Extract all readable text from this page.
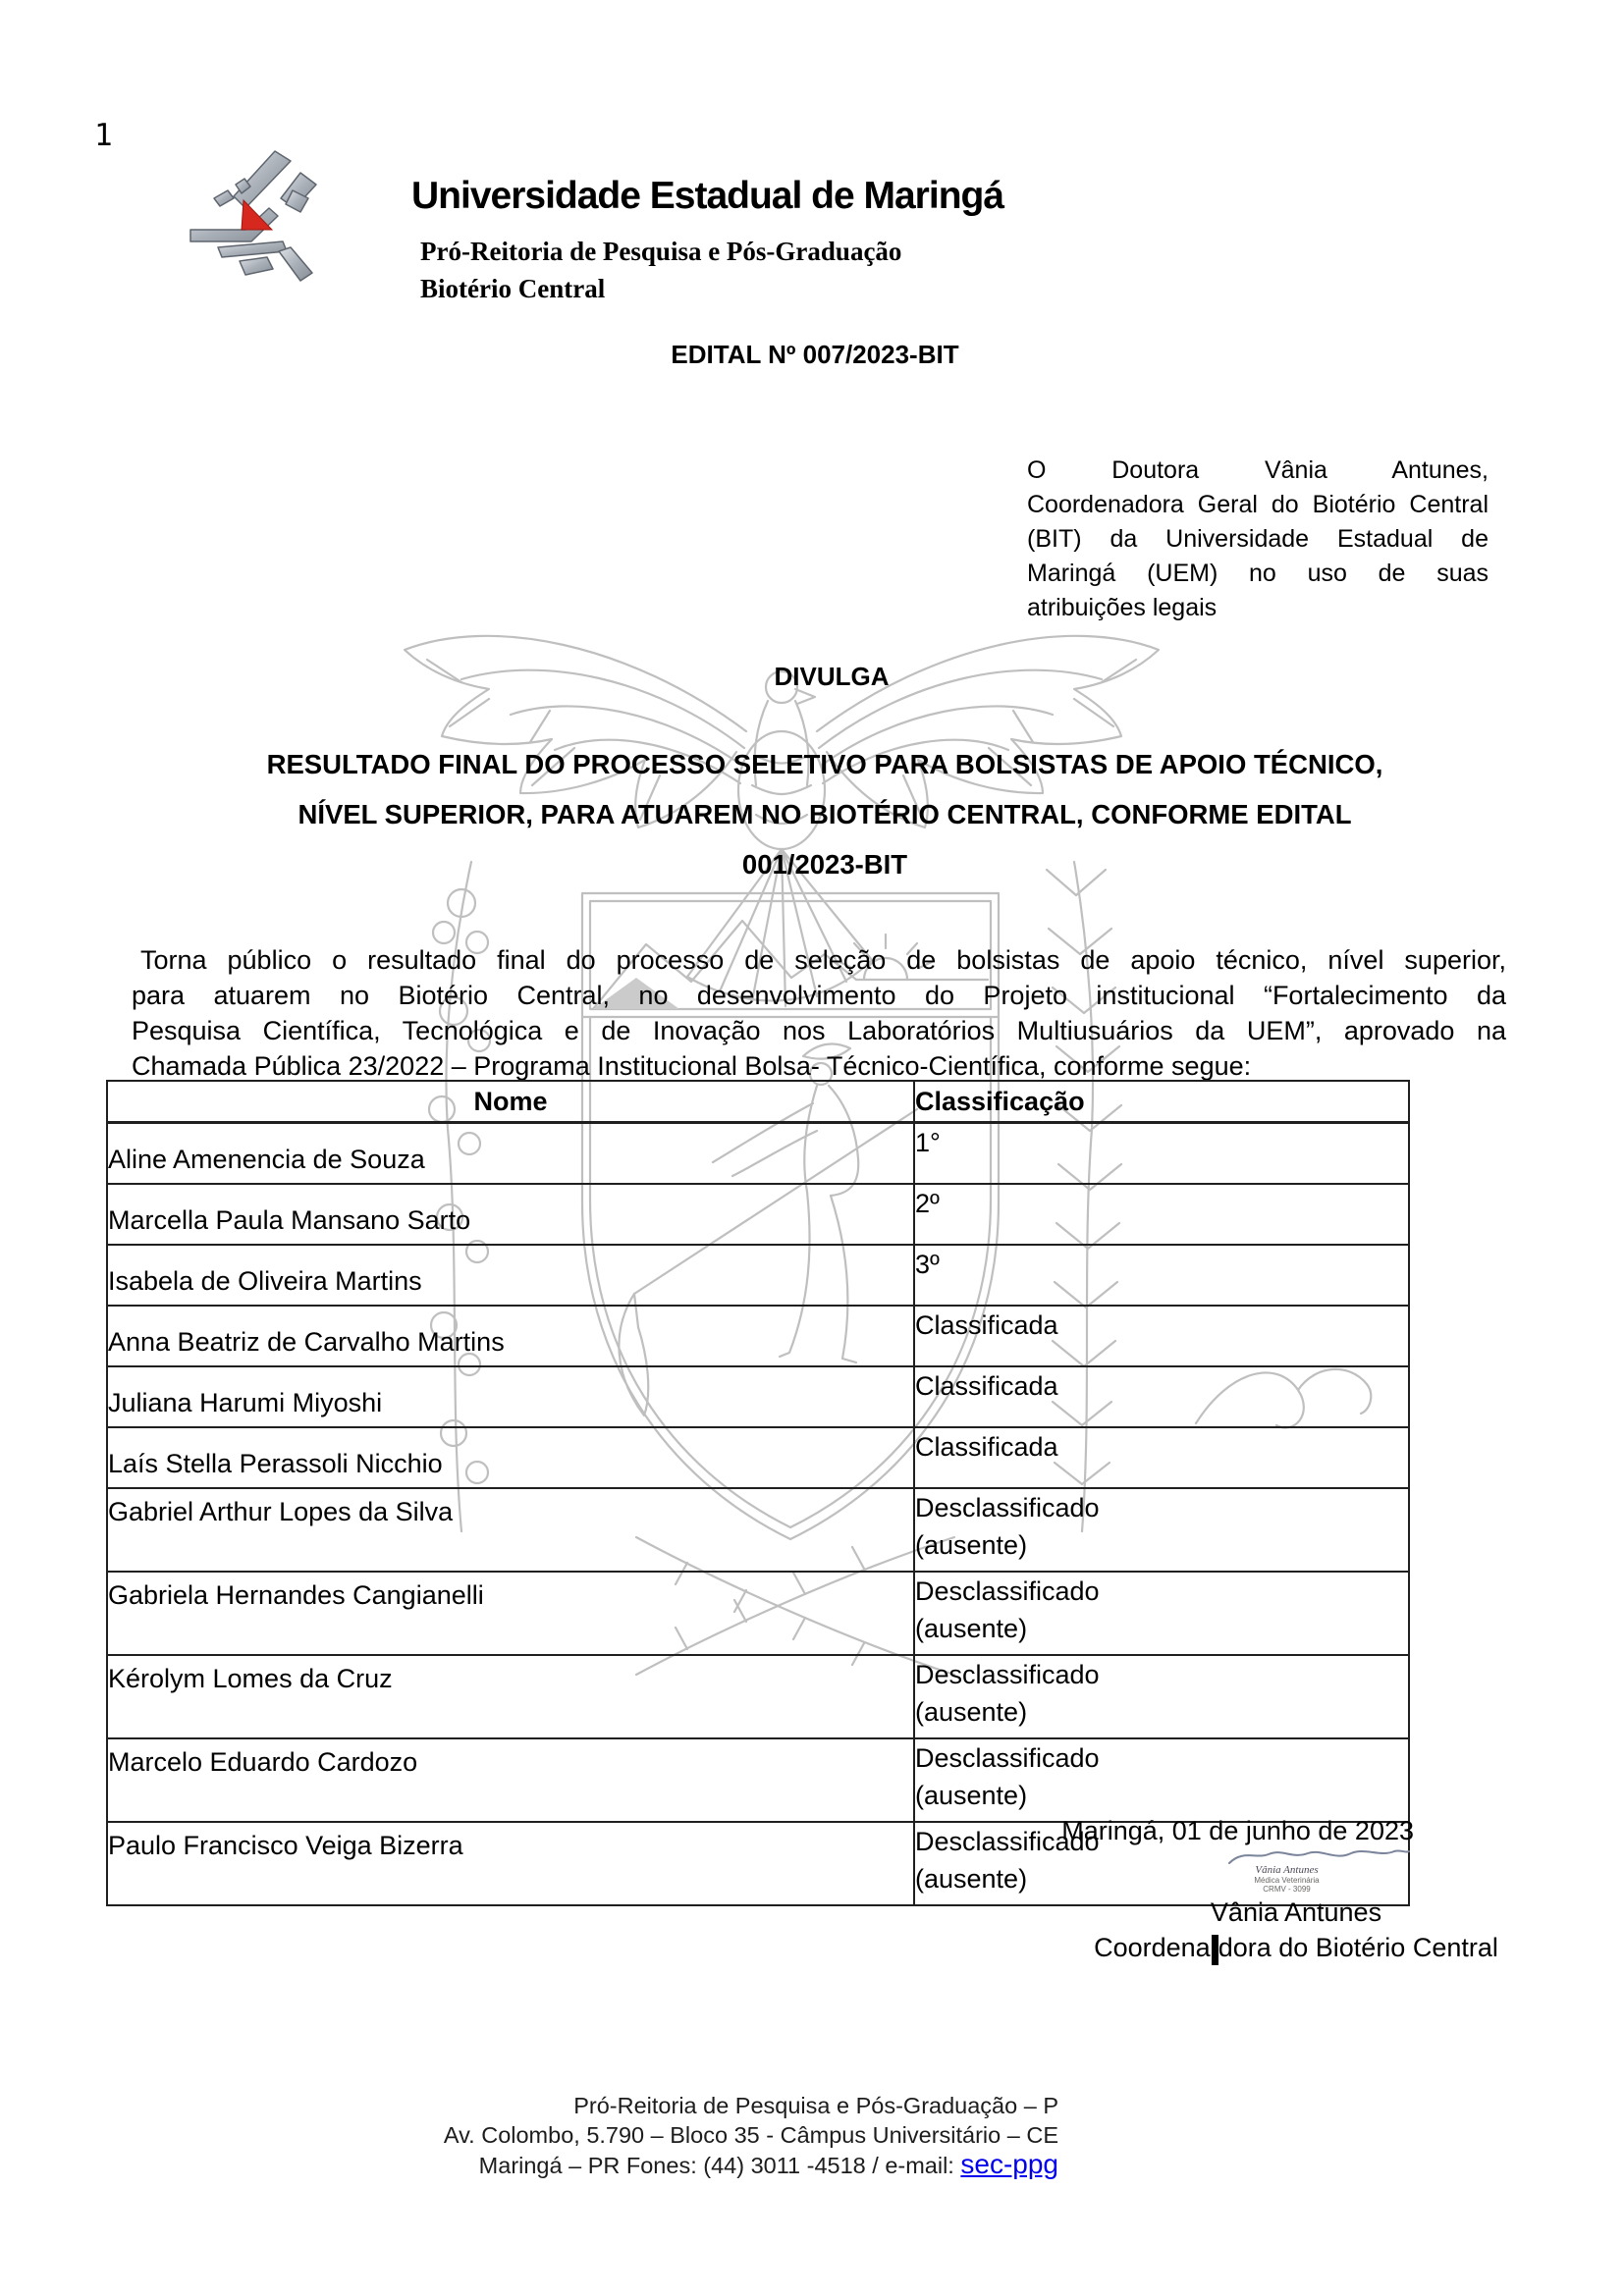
1
Universidade Estadual de Maringá
Pró-Reitoria de Pesquisa e Pós-Graduação
Biotério Central
EDITAL Nº 007/2023-BIT
O Doutora Vânia Antunes,
Coordenadora Geral do Biotério Central
(BIT) da Universidade Estadual de
Maringá (UEM) no uso de suas
atribuições legais
DIVULGA
RESULTADO FINAL DO PROCESSO SELETIVO PARA BOLSISTAS DE APOIO TÉCNICO,
NÍVEL SUPERIOR, PARA ATUAREM NO BIOTÉRIO CENTRAL, CONFORME EDITAL
001/2023-BIT
Torna público o resultado final do processo de seleção de bolsistas de apoio técnico, nível superior,
para atuarem no Biotério Central, no desenvolvimento do Projeto institucional “Fortalecimento da
Pesquisa Científica, Tecnológica e de Inovação nos Laboratórios Multiusuários da UEM”, aprovado na
Chamada Pública 23/2022 – Programa Institucional Bolsa- Técnico-Científica, conforme segue:
Nome	Classificação
Aline Amenencia de Souza	1°

Marcella Paula Mansano Sarto	2º

Isabela de Oliveira Martins	3º

Anna Beatriz de Carvalho Martins	Classificada

Juliana Harumi Miyoshi	Classificada

Laís Stella Perassoli Nicchio	Classificada

Gabriel Arthur Lopes da Silva	Desclassificado
(ausente)

Gabriela Hernandes Cangianelli	Desclassificado
(ausente)

Kérolym Lomes da Cruz	Desclassificado
(ausente)

Marcelo Eduardo Cardozo	Desclassificado
(ausente)

Paulo Francisco Veiga Bizerra	Desclassificado
(ausente)
Maringá, 01 de junho de 2023
Vânia Antunes
Médica Veterinária
CRMV - 3099
Vânia Antunes
Coordena dora do Biotério Central
Pró-Reitoria de Pesquisa e Pós-Graduação – P
Av. Colombo, 5.790 – Bloco 35 - Câmpus Universitário – CE
Maringá – PR Fones: (44) 3011 -4518 / e-mail: sec-ppg
